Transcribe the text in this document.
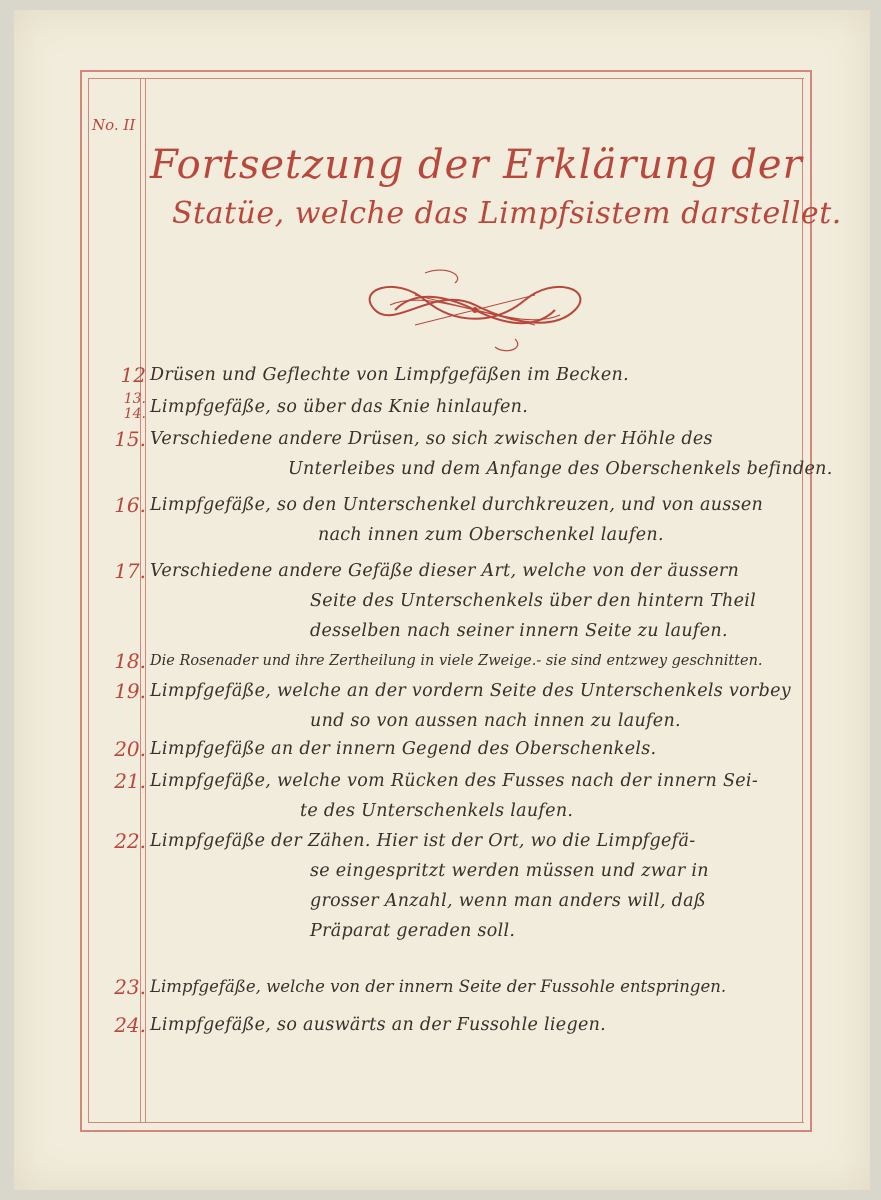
No. II
Fortsetzung der Erklärung der
Statüe, welche das Limpfsistem darstellet.
12 Drüsen und Geflechte von Limpfgefäßen im Becken.
13. 14. Limpfgefäße, so über das Knie hinlaufen.
15. Verschiedene andere Drüsen, so sich zwischen der Höhle des
Unterleibes und dem Anfange des Oberschenkels befinden.
16. Limpfgefäße, so den Unterschenkel durchkreuzen, und von aussen
nach innen zum Oberschenkel laufen.
17. Verschiedene andere Gefäße dieser Art, welche von der äussern
Seite des Unterschenkels über den hintern Theil
desselben nach seiner innern Seite zu laufen.
18. Die Rosenader und ihre Zertheilung in viele Zweige.- sie sind entzwey geschnitten.
19. Limpfgefäße, welche an der vordern Seite des Unterschenkels vorbey
und so von aussen nach innen zu laufen.
20. Limpfgefäße an der innern Gegend des Oberschenkels.
21. Limpfgefäße, welche vom Rücken des Fusses nach der innern Sei-
te des Unterschenkels laufen.
22. Limpfgefäße der Zähen. Hier ist der Ort, wo die Limpfgefä-
se eingespritzt werden müssen und zwar in
grosser Anzahl, wenn man anders will, daß
Präparat geraden soll.
23. Limpfgefäße, welche von der innern Seite der Fussohle entspringen.
24. Limpfgefäße, so auswärts an der Fussohle liegen.
